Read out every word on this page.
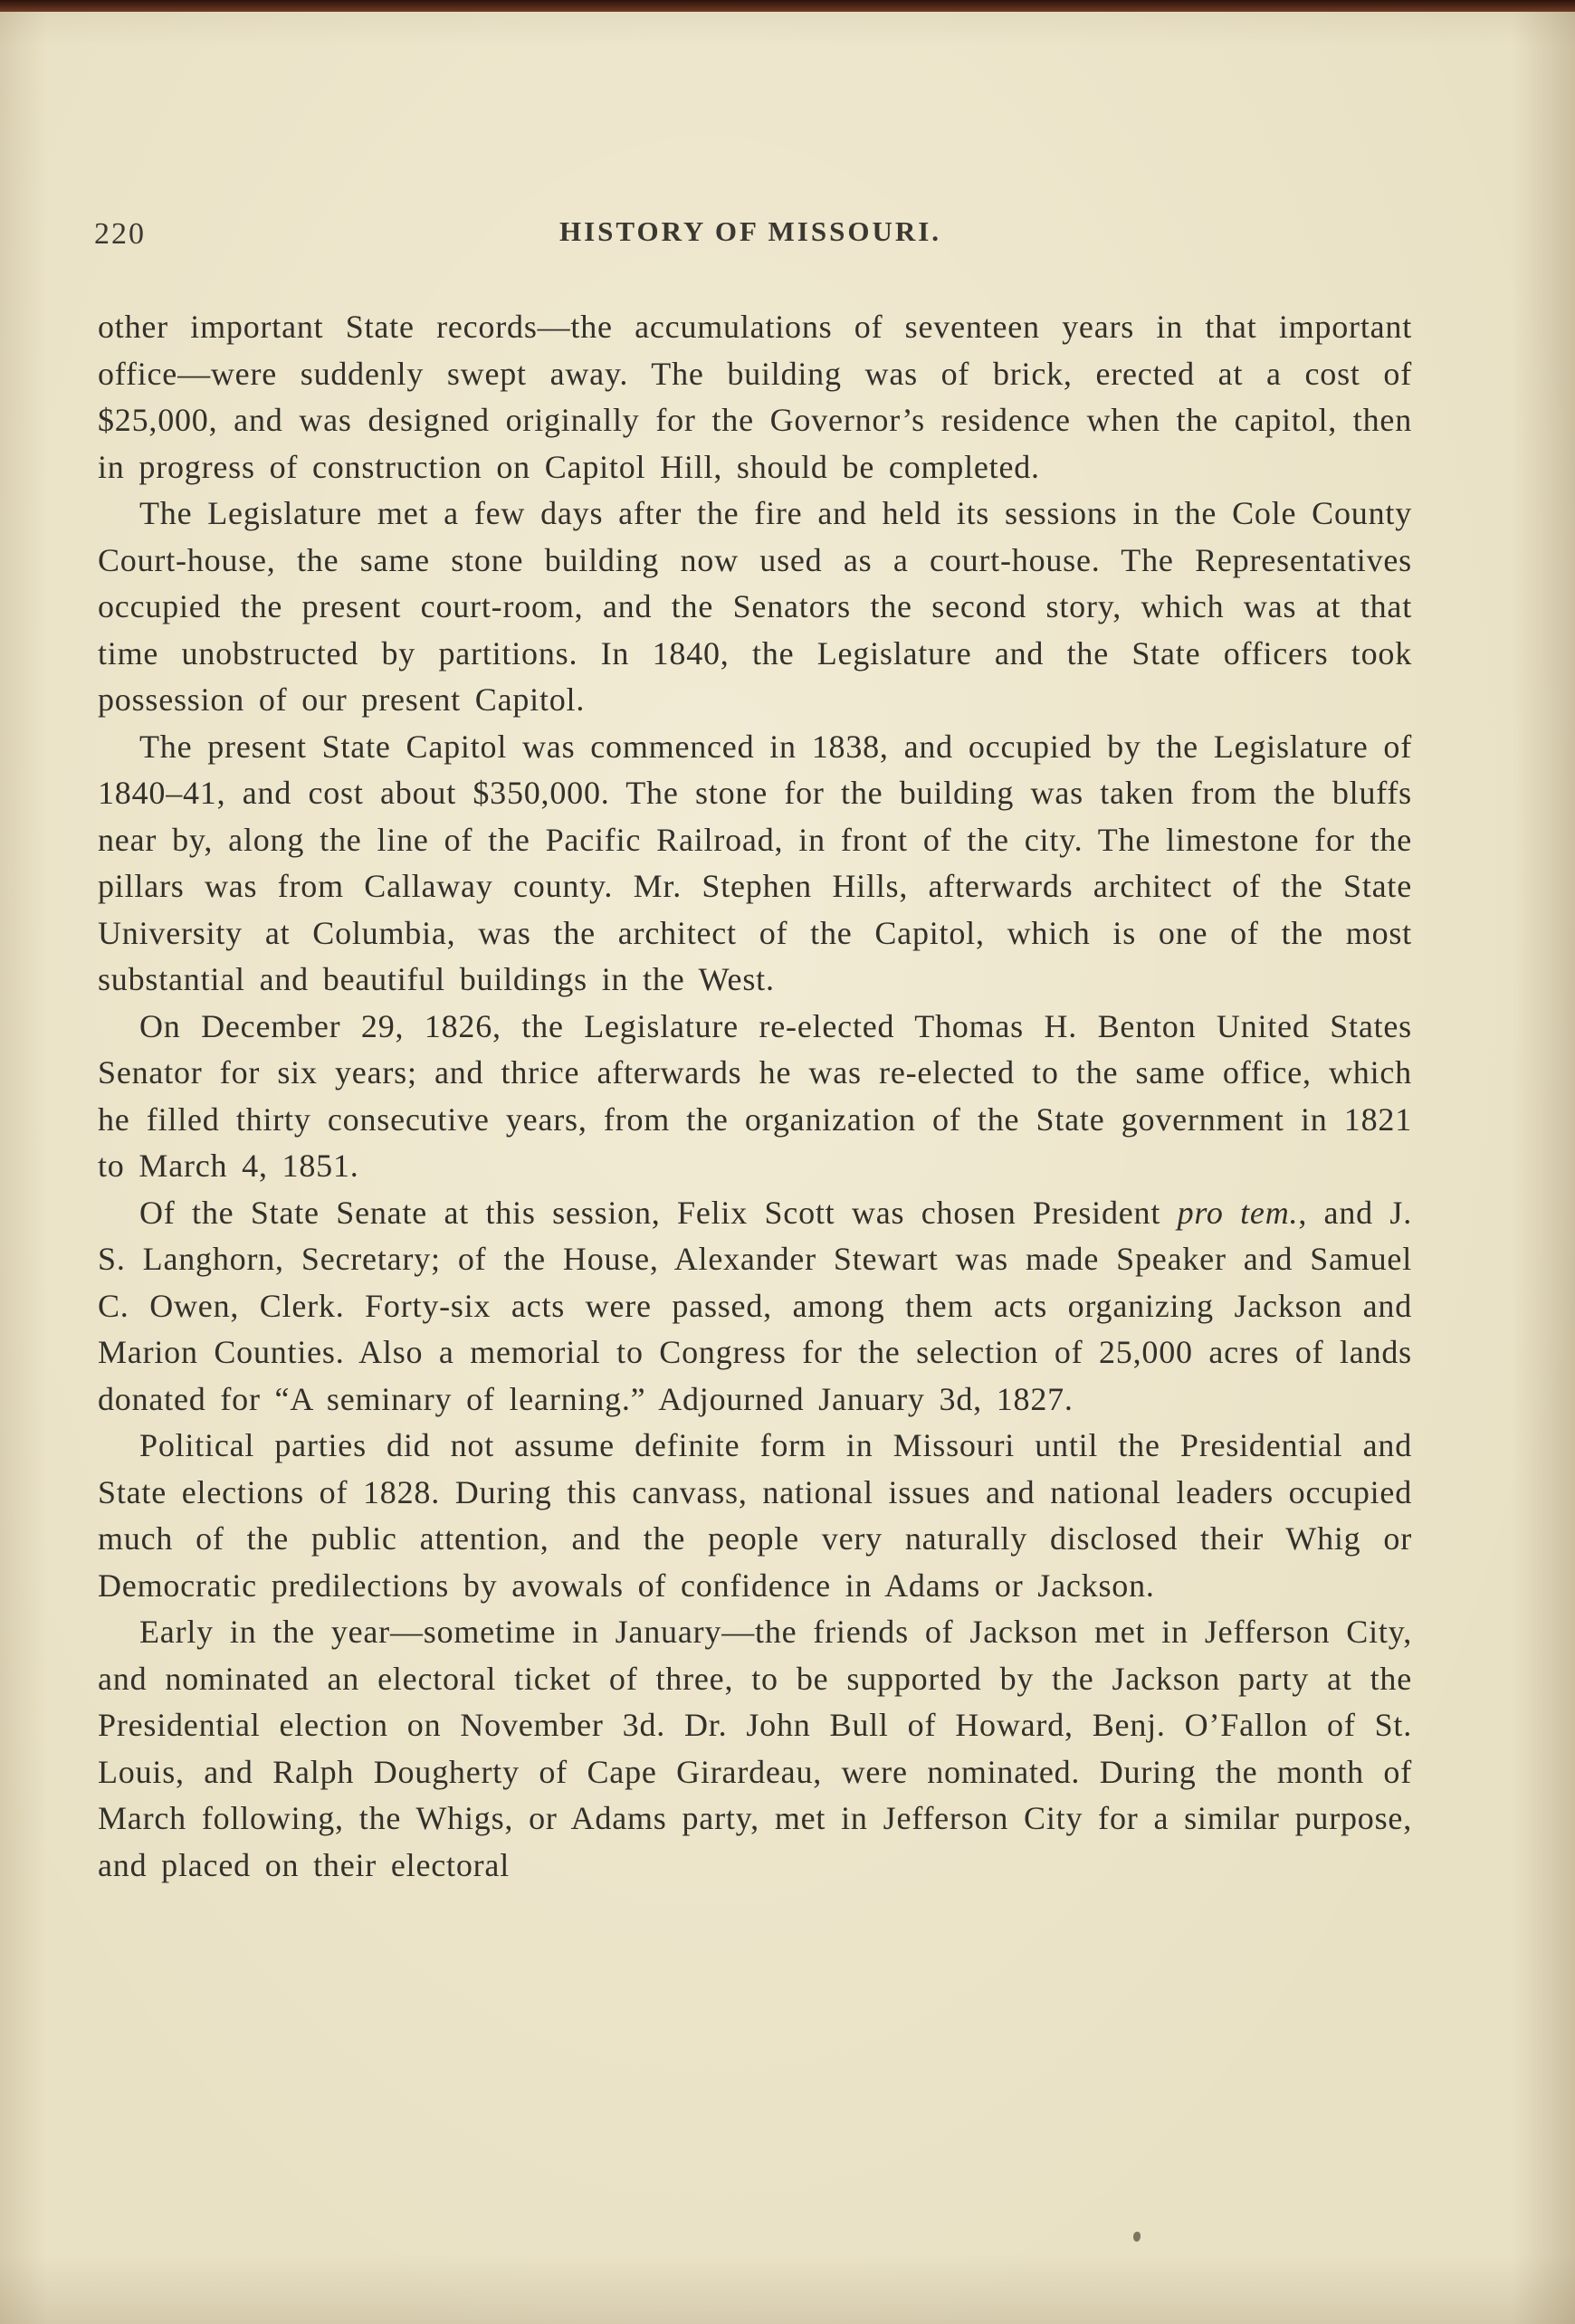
220	HISTORY OF MISSOURI.

other important State records—the accumulations of seventeen years in that important office—were suddenly swept away. The building was of brick, erected at a cost of $25,000, and was designed originally for the Governor’s residence when the capitol, then in progress of construction on Capitol Hill, should be completed.

The Legislature met a few days after the fire and held its sessions in the Cole County Court-house, the same stone building now used as a court-house. The Representatives occupied the present court-room, and the Senators the second story, which was at that time unobstructed by partitions. In 1840, the Legislature and the State officers took possession of our present Capitol.

The present State Capitol was commenced in 1838, and occupied by the Legislature of 1840–41, and cost about $350,000. The stone for the building was taken from the bluffs near by, along the line of the Pacific Railroad, in front of the city. The limestone for the pillars was from Callaway county. Mr. Stephen Hills, afterwards architect of the State University at Columbia, was the architect of the Capitol, which is one of the most substantial and beautiful buildings in the West.

On December 29, 1826, the Legislature re-elected Thomas H. Benton United States Senator for six years; and thrice afterwards he was re-elected to the same office, which he filled thirty consecutive years, from the organization of the State government in 1821 to March 4, 1851.

Of the State Senate at this session, Felix Scott was chosen President pro tem., and J. S. Langhorn, Secretary; of the House, Alexander Stewart was made Speaker and Samuel C. Owen, Clerk. Forty-six acts were passed, among them acts organizing Jackson and Marion Counties. Also a memorial to Congress for the selection of 25,000 acres of lands donated for “A seminary of learning.” Adjourned January 3d, 1827.

Political parties did not assume definite form in Missouri until the Presidential and State elections of 1828. During this canvass, national issues and national leaders occupied much of the public attention, and the people very naturally disclosed their Whig or Democratic predilections by avowals of confidence in Adams or Jackson.

Early in the year—sometime in January—the friends of Jackson met in Jefferson City, and nominated an electoral ticket of three, to be supported by the Jackson party at the Presidential election on November 3d. Dr. John Bull of Howard, Benj. O’Fallon of St. Louis, and Ralph Dougherty of Cape Girardeau, were nominated. During the month of March following, the Whigs, or Adams party, met in Jefferson City for a similar purpose, and placed on their electoral
